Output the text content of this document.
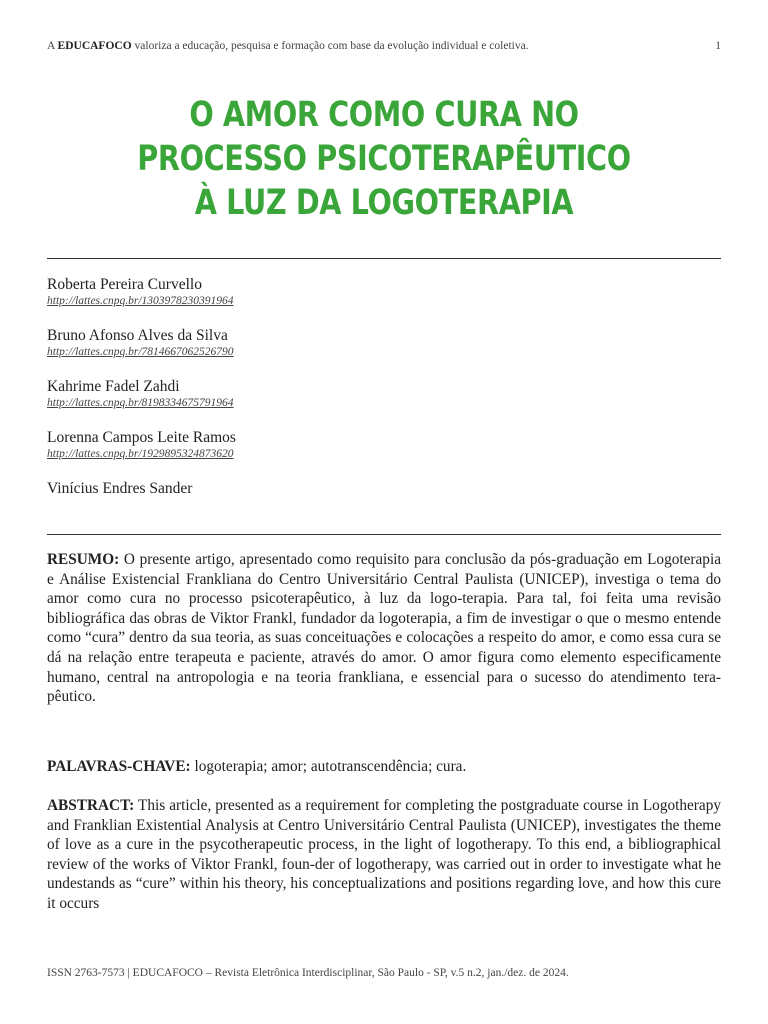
A EDUCAFOCO valoriza a educação, pesquisa e formação com base da evolução individual e coletiva.	1
O AMOR COMO CURA NO
PROCESSO PSICOTERAPÊUTICO
À LUZ DA LOGOTERAPIA
Roberta Pereira Curvello
http://lattes.cnpq.br/1303978230391964
Bruno Afonso Alves da Silva
http://lattes.cnpq.br/7814667062526790
Kahrime Fadel Zahdi
http://lattes.cnpq.br/8198334675791964
Lorenna Campos Leite Ramos
http://lattes.cnpq.br/1929895324873620
Vinícius Endres Sander
RESUMO: O presente artigo, apresentado como requisito para conclusão da pós-graduação em Logoterapia e Análise Existencial Frankliana do Centro Universitário Central Paulista (UNICEP), investiga o tema do amor como cura no processo psicoterapêutico, à luz da logo-terapia. Para tal, foi feita uma revisão bibliográfica das obras de Viktor Frankl, fundador da logoterapia, a fim de investigar o que o mesmo entende como “cura” dentro da sua teoria, as suas conceituações e colocações a respeito do amor, e como essa cura se dá na relação entre terapeuta e paciente, através do amor. O amor figura como elemento especificamente humano, central na antropologia e na teoria frankliana, e essencial para o sucesso do atendimento tera-pêutico.
PALAVRAS-CHAVE: logoterapia; amor; autotranscendência; cura.
ABSTRACT: This article, presented as a requirement for completing the postgraduate course in Logotherapy and Franklian Existential Analysis at Centro Universitário Central Paulista (UNICEP), investigates the theme of love as a cure in the psycotherapeutic process, in the light of logotherapy. To this end, a bibliographical review of the works of Viktor Frankl, foun-der of logotherapy, was carried out in order to investigate what he undestands as “cure” within his theory, his conceptualizations and positions regarding love, and how this cure it occurs
ISSN 2763-7573 | EDUCAFOCO – Revista Eletrônica Interdisciplinar, São Paulo - SP, v.5 n.2, jan./dez. de 2024.
